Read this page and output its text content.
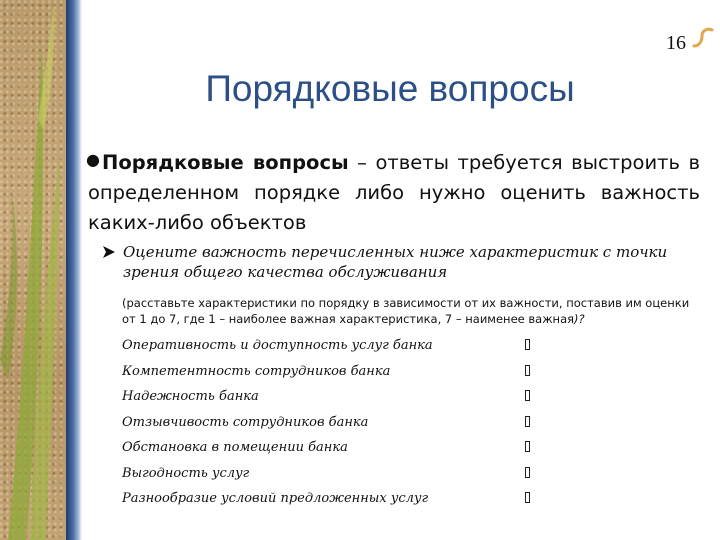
16
Порядковые вопросы
● Порядковые вопросы – ответы требуется выстроить в определенном порядке либо нужно оценить важность каких-либо объектов
Оцените важность перечисленных ниже характеристик с точки зрения общего качества обслуживания
(расставьте характеристики по порядку в зависимости от их важности, поставив им оценки от 1 до 7, где 1 – наиболее важная характеристика, 7 – наименее важная)?
Оперативность и доступность услуг банка
Компетентность сотрудников банка
Надежность банка
Отзывчивость сотрудников банка
Обстановка в помещении банка
Выгодность услуг
Разнообразие условий предложенных услуг
